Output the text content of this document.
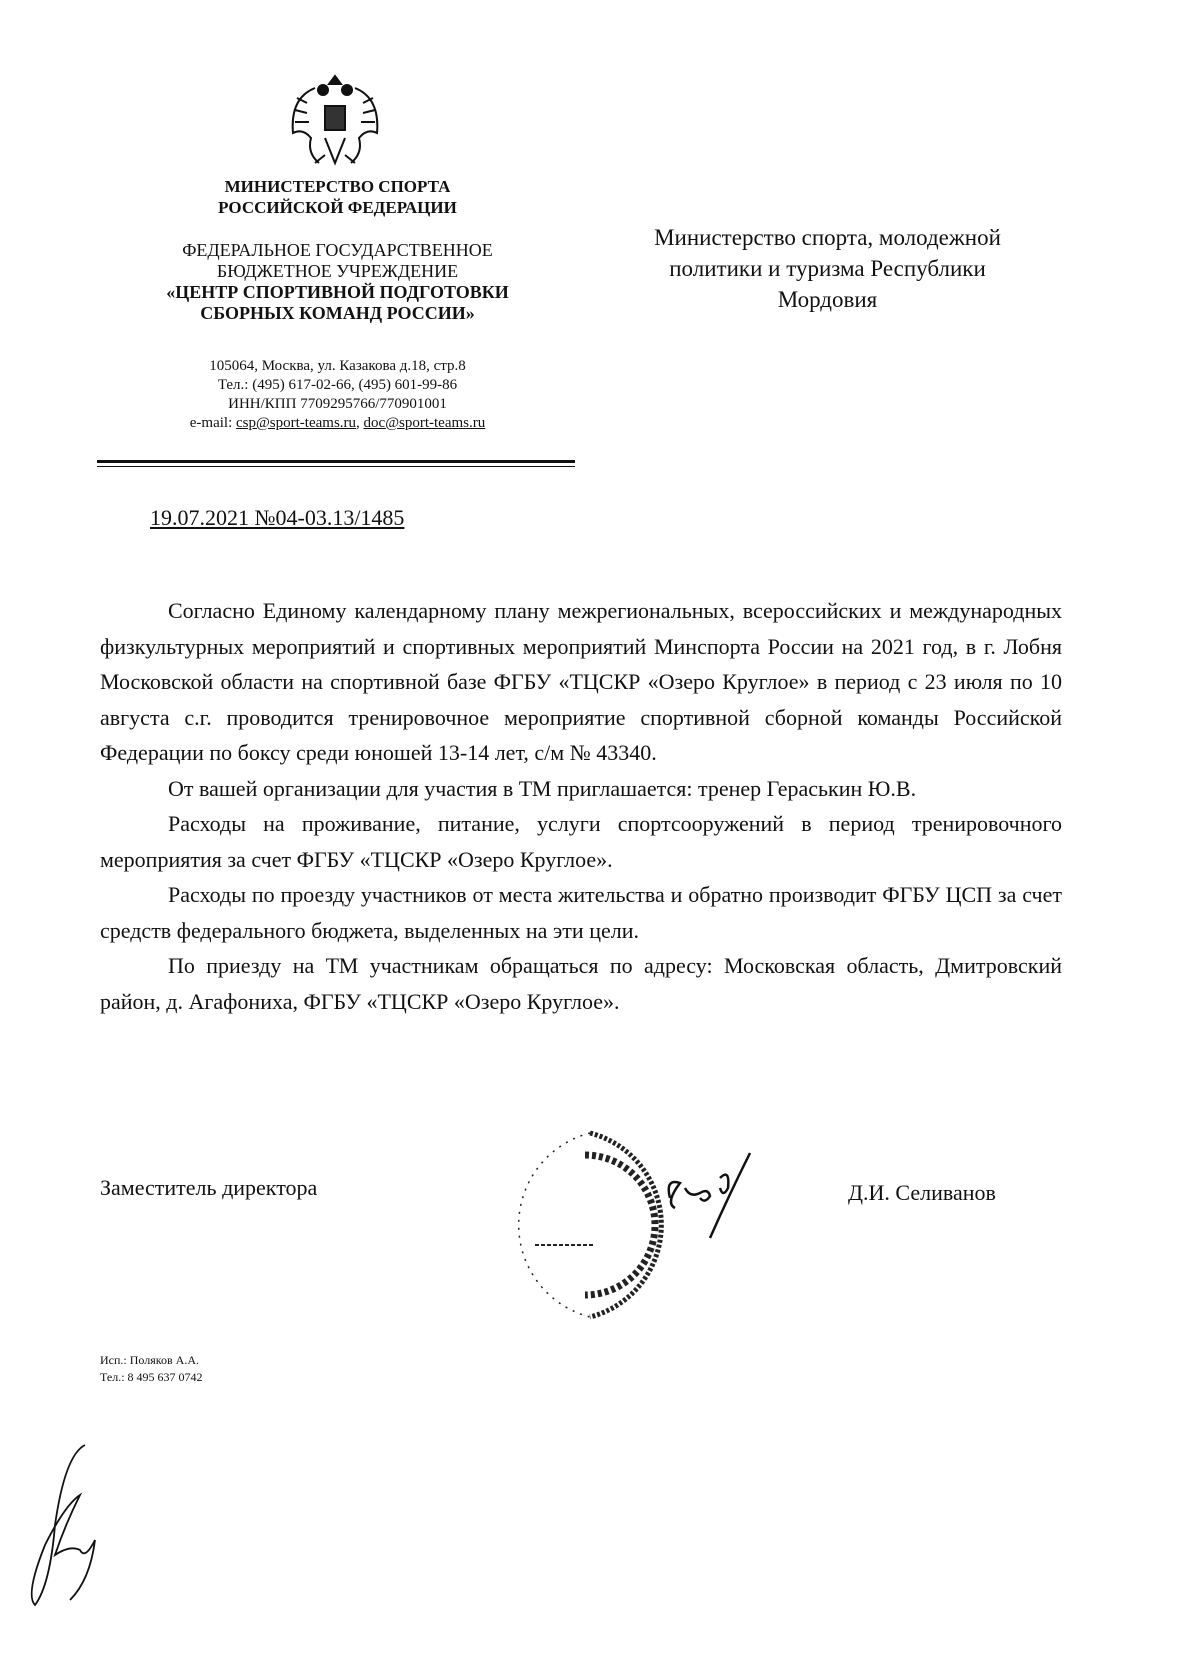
МИНИСТЕРСТВО СПОРТА
РОССИЙСКОЙ ФЕДЕРАЦИИ
ФЕДЕРАЛЬНОЕ ГОСУДАРСТВЕННОЕ
БЮДЖЕТНОЕ УЧРЕЖДЕНИЕ
«ЦЕНТР СПОРТИВНОЙ ПОДГОТОВКИ
СБОРНЫХ КОМАНД РОССИИ»
105064, Москва, ул. Казакова д.18, стр.8
Тел.: (495) 617-02-66, (495) 601-99-86
ИНН/КПП 7709295766/770901001
e-mail: csp@sport-teams.ru, doc@sport-teams.ru
Министерство спорта, молодежной
политики и туризма Республики
Мордовия
19.07.2021 №04-03.13/1485

Согласно Единому календарному плану межрегиональных, всероссийских и международных физкультурных мероприятий и спортивных мероприятий Минспорта России на 2021 год, в г. Лобня Московской области на спортивной базе ФГБУ «ТЦСКР «Озеро Круглое» в период с 23 июля по 10 августа с.г. проводится тренировочное мероприятие спортивной сборной команды Российской Федерации по боксу среди юношей 13-14 лет, с/м № 43340.

От вашей организации для участия в ТМ приглашается: тренер Гераськин Ю.В.

Расходы на проживание, питание, услуги спортсооружений в период тренировочного мероприятия за счет ФГБУ «ТЦСКР «Озеро Круглое».

Расходы по проезду участников от места жительства и обратно производит ФГБУ ЦСП за счет средств федерального бюджета, выделенных на эти цели.

По приезду на ТМ участникам обращаться по адресу: Московская область, Дмитровский район, д. Агафониха, ФГБУ «ТЦСКР «Озеро Круглое».

Заместитель директора	Д.И. Селиванов
Исп.: Поляков А.А.
Тел.: 8 495 637 0742
